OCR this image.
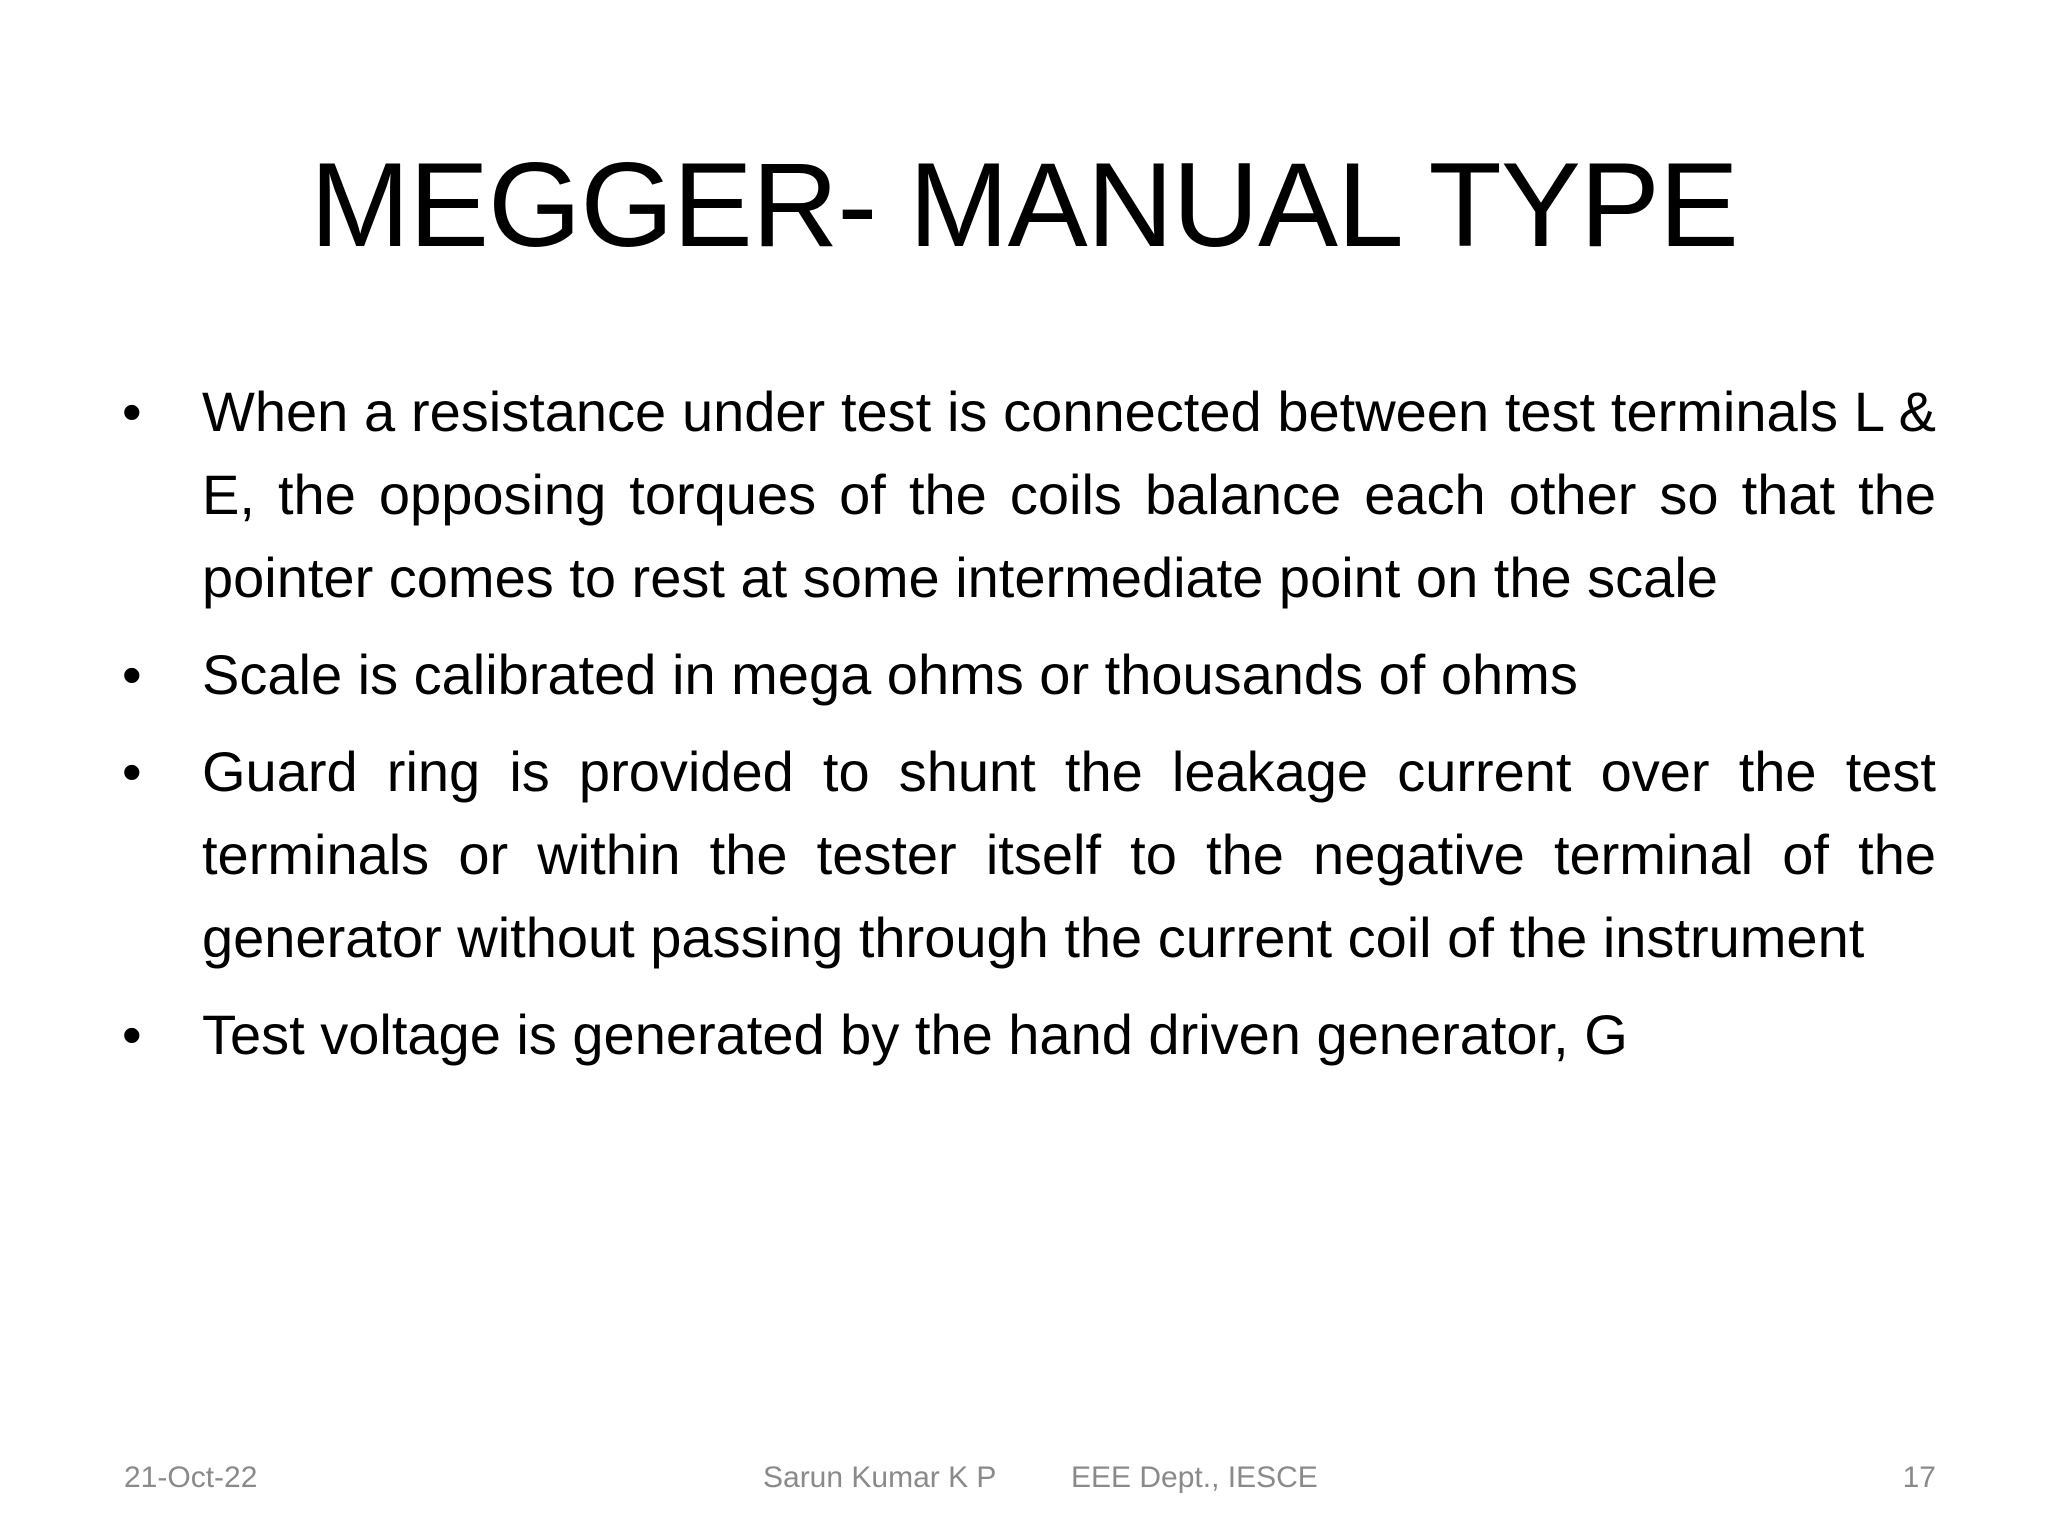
MEGGER- MANUAL TYPE
•	When a resistance under test is connected between test terminals L & E, the opposing torques of the coils balance each other so that the pointer comes to rest at some intermediate point on the scale
•	Scale is calibrated in mega ohms or thousands of ohms
•	Guard ring is provided to shunt the leakage current over the test terminals or within the tester itself to the negative terminal of the generator without passing through the current coil of the instrument
•	Test voltage is generated by the hand driven generator, G
21-Oct-22	Sarun Kumar K P EEE Dept., IESCE	17
